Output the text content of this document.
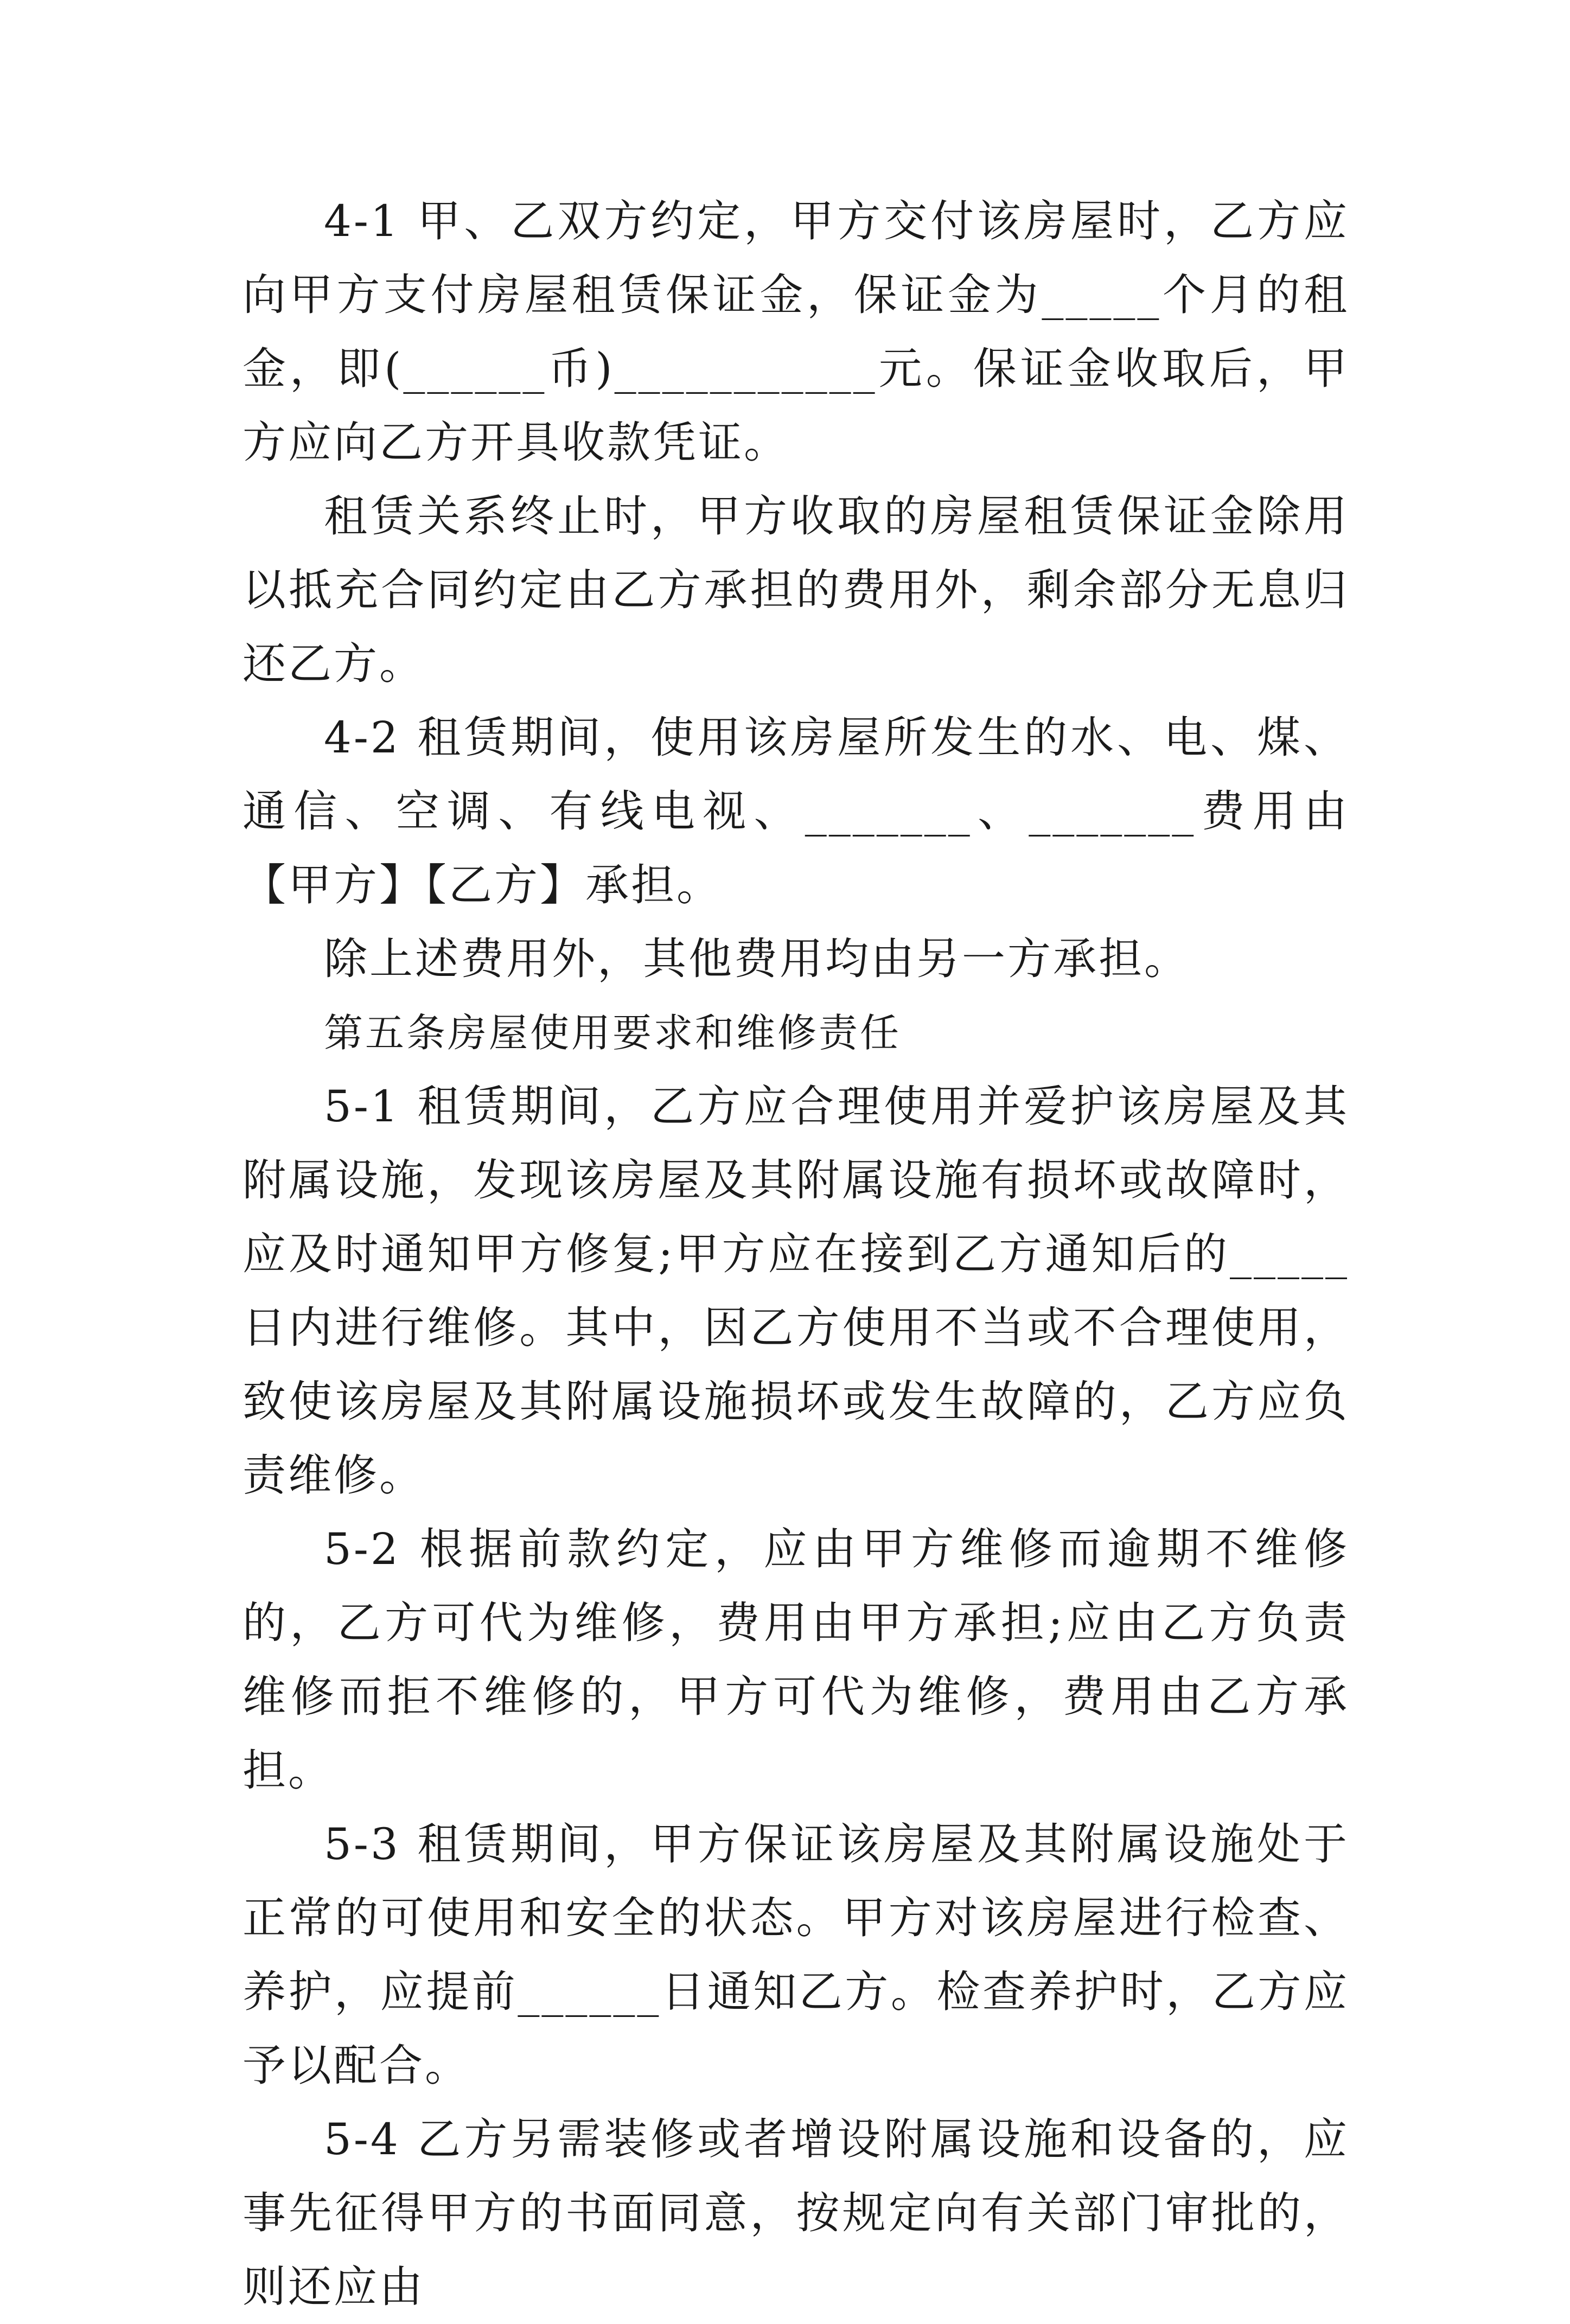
4-1 甲、乙双方约定，甲方交付该房屋时，乙方应向甲方支付房屋租赁保证金，保证金为_____个月的租金，即(______币)___________元。保证金收取后，甲方应向乙方开具收款凭证。

租赁关系终止时，甲方收取的房屋租赁保证金除用以抵充合同约定由乙方承担的费用外，剩余部分无息归还乙方。

4-2 租赁期间，使用该房屋所发生的水、电、煤、通信、空调、有线电视、_______、_______费用由【甲方】【乙方】承担。

除上述费用外，其他费用均由另一方承担。

第五条房屋使用要求和维修责任

5-1 租赁期间，乙方应合理使用并爱护该房屋及其附属设施，发现该房屋及其附属设施有损坏或故障时，应及时通知甲方修复;甲方应在接到乙方通知后的_____日内进行维修。其中，因乙方使用不当或不合理使用，致使该房屋及其附属设施损坏或发生故障的，乙方应负责维修。

5-2 根据前款约定，应由甲方维修而逾期不维修的，乙方可代为维修，费用由甲方承担;应由乙方负责维修而拒不维修的，甲方可代为维修，费用由乙方承担。

5-3 租赁期间，甲方保证该房屋及其附属设施处于正常的可使用和安全的状态。甲方对该房屋进行检查、养护，应提前______日通知乙方。检查养护时，乙方应予以配合。

5-4 乙方另需装修或者增设附属设施和设备的，应事先征得甲方的书面同意，按规定向有关部门审批的，则还应由
